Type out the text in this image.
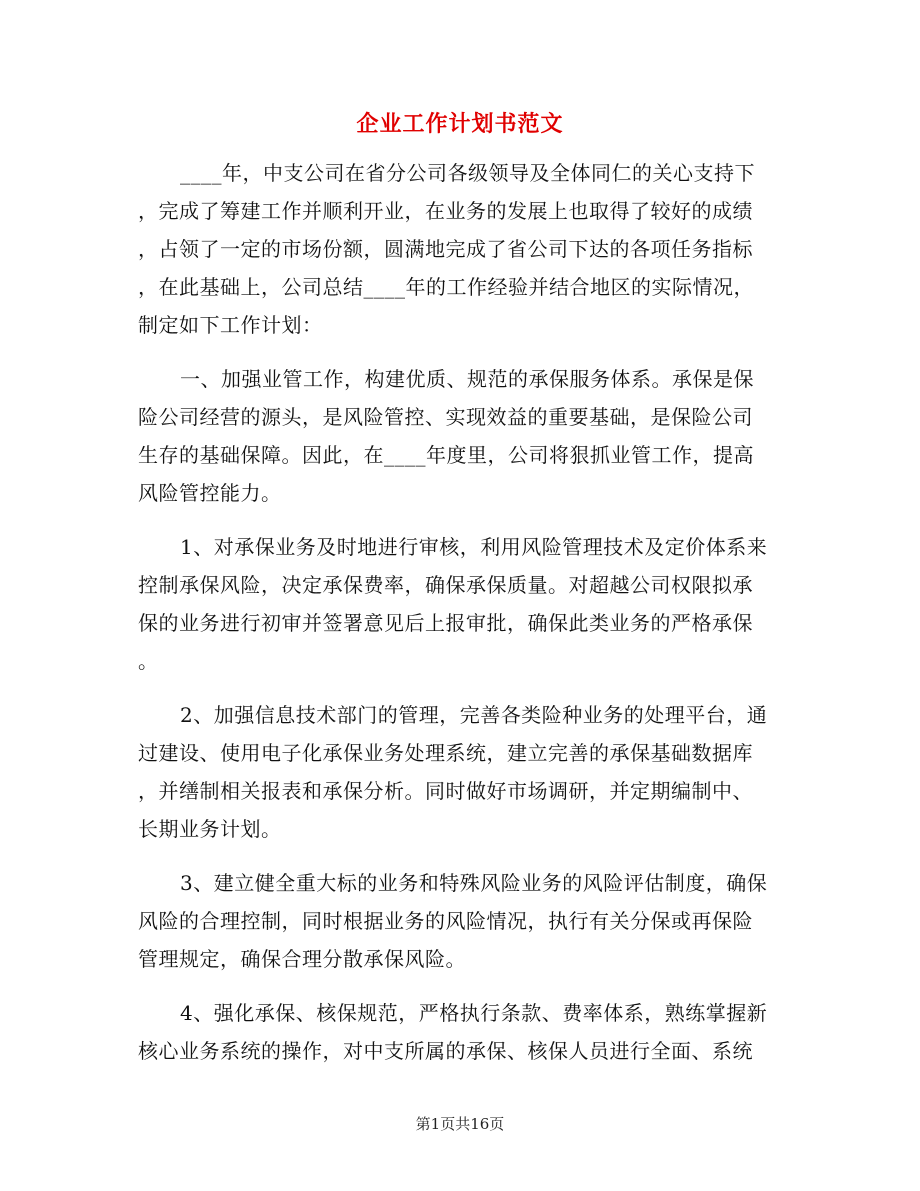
企业工作计划书范文
____年，中支公司在省分公司各级领导及全体同仁的关心支持下
，完成了筹建工作并顺利开业，在业务的发展上也取得了较好的成绩
，占领了一定的市场份额，圆满地完成了省公司下达的各项任务指标
，在此基础上，公司总结____年的工作经验并结合地区的实际情况，
制定如下工作计划：
一、加强业管工作，构建优质、规范的承保服务体系。承保是保
险公司经营的源头，是风险管控、实现效益的重要基础，是保险公司
生存的基础保障。因此，在____年度里，公司将狠抓业管工作，提高
风险管控能力。
1、对承保业务及时地进行审核，利用风险管理技术及定价体系来
控制承保风险，决定承保费率，确保承保质量。对超越公司权限拟承
保的业务进行初审并签署意见后上报审批，确保此类业务的严格承保
。
2、加强信息技术部门的管理，完善各类险种业务的处理平台，通
过建设、使用电子化承保业务处理系统，建立完善的承保基础数据库
，并缮制相关报表和承保分析。同时做好市场调研，并定期编制中、
长期业务计划。
3、建立健全重大标的业务和特殊风险业务的风险评估制度，确保
风险的合理控制，同时根据业务的风险情况，执行有关分保或再保险
管理规定，确保合理分散承保风险。
4、强化承保、核保规范，严格执行条款、费率体系，熟练掌握新
核心业务系统的操作，对中支所属的承保、核保人员进行全面、系统
第1页共16页
